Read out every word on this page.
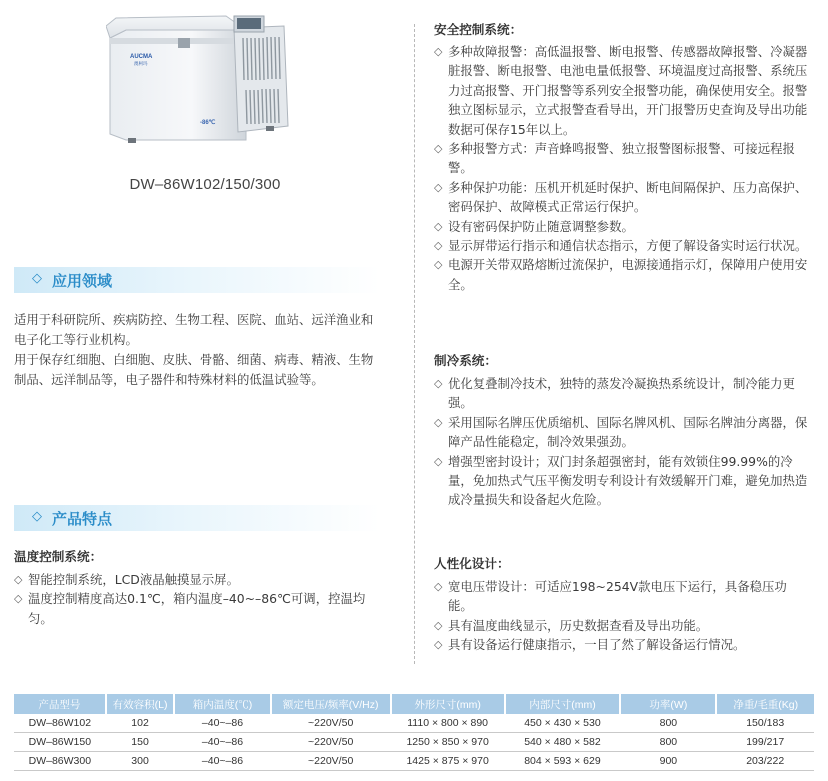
AUCMA
澳柯玛
-86℃
DW–86W102/150/300
◇ 应用领域
适用于科研院所、疾病防控、生物工程、医院、血站、远洋渔业和电子化工等行业机构。
用于保存红细胞、白细胞、皮肤、骨骼、细菌、病毒、精液、生物制品、远洋制品等，电子器件和特殊材料的低温试验等。
◇ 产品特点
温度控制系统：
◇ 智能控制系统，LCD液晶触摸显示屏。
◇ 温度控制精度高达0.1℃，箱内温度–40~–86℃可调，控温均匀。
安全控制系统：
◇ 多种故障报警：高低温报警、断电报警、传感器故障报警、冷凝器脏报警、断电报警、电池电量低报警、环境温度过高报警、系统压力过高报警、开门报警等系列安全报警功能，确保使用安全。报警独立图标显示，立式报警查看导出，开门报警历史查询及导出功能数据可保存15年以上。
◇ 多种报警方式：声音蜂鸣报警、独立报警图标报警、可接远程报警。
◇ 多种保护功能：压机开机延时保护、断电间隔保护、压力高保护、密码保护、故障模式正常运行保护。
◇ 设有密码保护防止随意调整参数。
◇ 显示屏带运行指示和通信状态指示，方便了解设备实时运行状况。
◇ 电源开关带双路熔断过流保护，电源接通指示灯，保障用户使用安全。
制冷系统：
◇ 优化复叠制冷技术，独特的蒸发冷凝换热系统设计，制冷能力更强。
◇ 采用国际名牌压优质缩机、国际名牌风机、国际名牌油分离器，保障产品性能稳定，制冷效果强劲。
◇ 增强型密封设计；双门封条超强密封，能有效锁住99.99%的冷量，免加热式气压平衡发明专利设计有效缓解开门难，避免加热造成冷量损失和设备起火危险。
人性化设计：
◇ 宽电压带设计：可适应198~254V款电压下运行，具备稳压功能。
◇ 具有温度曲线显示，历史数据查看及导出功能。
◇ 具有设备运行健康指示，一目了然了解设备运行情况。
产品型号	有效容积(L)	箱内温度(℃)	额定电压/频率(V/Hz)	外形尺寸(mm)	内部尺寸(mm)	功率(W)	净重/毛重(Kg)
DW–86W102	102	–40~–86	~220V/50	1110 × 800 × 890	450 × 430 × 530	800	150/183
DW–86W150	150	–40~–86	~220V/50	1250 × 850 × 970	540 × 480 × 582	800	199/217
DW–86W300	300	–40~–86	~220V/50	1425 × 875 × 970	804 × 593 × 629	900	203/222
